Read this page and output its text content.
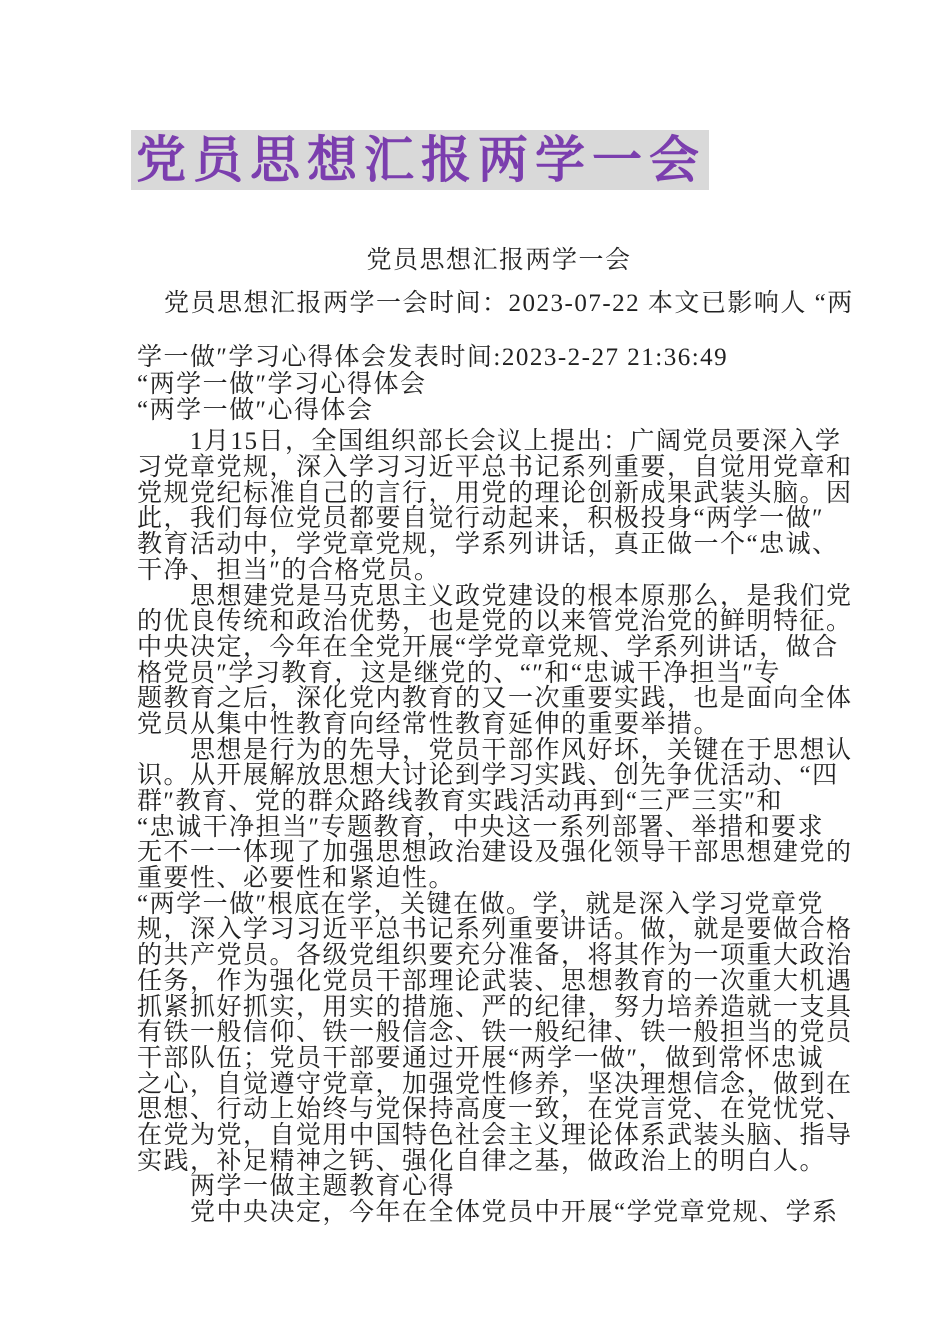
党员思想汇报两学一会
党员思想汇报两学一会
党员思想汇报两学一会时间：2023-07-22 本文已影响人 “两
学一做″学习心得体会发表时间:2023-2-27 21:36:49
“两学一做″学习心得体会
“两学一做″心得体会
1月15日，全国组织部长会议上提出：广阔党员要深入学
习党章党规，深入学习习近平总书记系列重要，自觉用党章和
党规党纪标准自己的言行，用党的理论创新成果武装头脑。因
此，我们每位党员都要自觉行动起来，积极投身“两学一做″
教育活动中，学党章党规，学系列讲话，真正做一个“忠诚、
干净、担当″的合格党员。
思想建党是马克思主义政党建设的根本原那么，是我们党
的优良传统和政治优势，也是党的以来管党治党的鲜明特征。
中央决定，今年在全党开展“学党章党规、学系列讲话，做合
格党员″学习教育，这是继党的、“″和“忠诚干净担当″专
题教育之后，深化党内教育的又一次重要实践，也是面向全体
党员从集中性教育向经常性教育延伸的重要举措。
思想是行为的先导，党员干部作风好坏，关键在于思想认
识。从开展解放思想大讨论到学习实践、创先争优活动、“四
群″教育、党的群众路线教育实践活动再到“三严三实″和
“忠诚干净担当″专题教育，中央这一系列部署、举措和要求
无不一一体现了加强思想政治建设及强化领导干部思想建党的
重要性、必要性和紧迫性。
“两学一做″根底在学，关键在做。学，就是深入学习党章党
规，深入学习习近平总书记系列重要讲话。做，就是要做合格
的共产党员。各级党组织要充分准备，将其作为一项重大政治
任务，作为强化党员干部理论武装、思想教育的一次重大机遇
抓紧抓好抓实，用实的措施、严的纪律，努力培养造就一支具
有铁一般信仰、铁一般信念、铁一般纪律、铁一般担当的党员
干部队伍；党员干部要通过开展“两学一做″，做到常怀忠诚
之心，自觉遵守党章，加强党性修养，坚决理想信念，做到在
思想、行动上始终与党保持高度一致，在党言党、在党忧党、
在党为党，自觉用中国特色社会主义理论体系武装头脑、指导
实践，补足精神之钙、强化自律之基，做政治上的明白人。
两学一做主题教育心得
党中央决定，今年在全体党员中开展“学党章党规、学系
